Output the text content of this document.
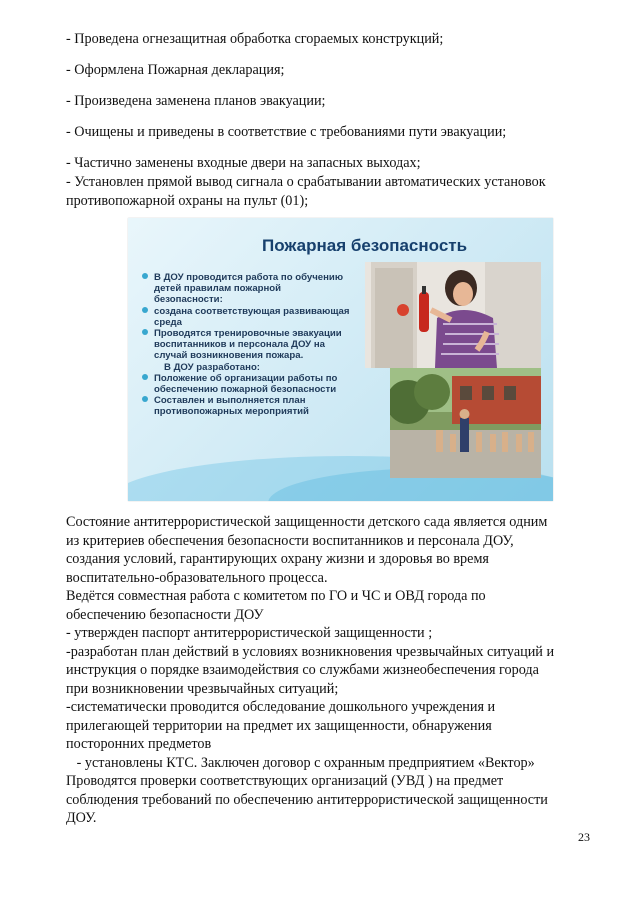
- Проведена огнезащитная обработка сгораемых конструкций;
- Оформлена Пожарная декларация;
- Произведена заменена планов эвакуации;
- Очищены и приведены в соответствие с требованиями пути эвакуации;
- Частично заменены входные двери на запасных выходах;
- Установлен прямой вывод сигнала о срабатывании автоматических установок противопожарной охраны на пульт (01);
Пожарная безопасность
В ДОУ проводится работа по обучению детей правилам пожарной безопасности:
создана соответствующая развивающая среда
Проводятся тренировочные эвакуации воспитанников и персонала ДОУ на случай возникновения пожара.
В ДОУ разработано:
Положение об организации работы по обеспечению пожарной безопасности
Составлен и выполняется план противопожарных мероприятий
Состояние антитеррористической защищенности детского сада является одним
из критериев обеспечения безопасности воспитанников и персонала ДОУ,
создания условий, гарантирующих охрану жизни и здоровья во время
воспитательно-образовательного процесса.
Ведётся совместная работа с комитетом по ГО и ЧС и ОВД города по
обеспечению безопасности ДОУ
- утвержден паспорт антитеррористической защищенности ;
-разработан план действий в условиях возникновения чрезвычайных ситуаций и
инструкция о порядке взаимодействия со службами жизнеобеспечения города
при возникновении чрезвычайных ситуаций;
-систематически проводится обследование дошкольного учреждения и
прилегающей территории на предмет их защищенности, обнаружения
посторонних предметов
- установлены КТС. Заключен договор с охранным предприятием «Вектор»
Проводятся проверки соответствующих организаций (УВД ) на предмет
соблюдения требований по обеспечению антитеррористической защищенности
ДОУ.
23
